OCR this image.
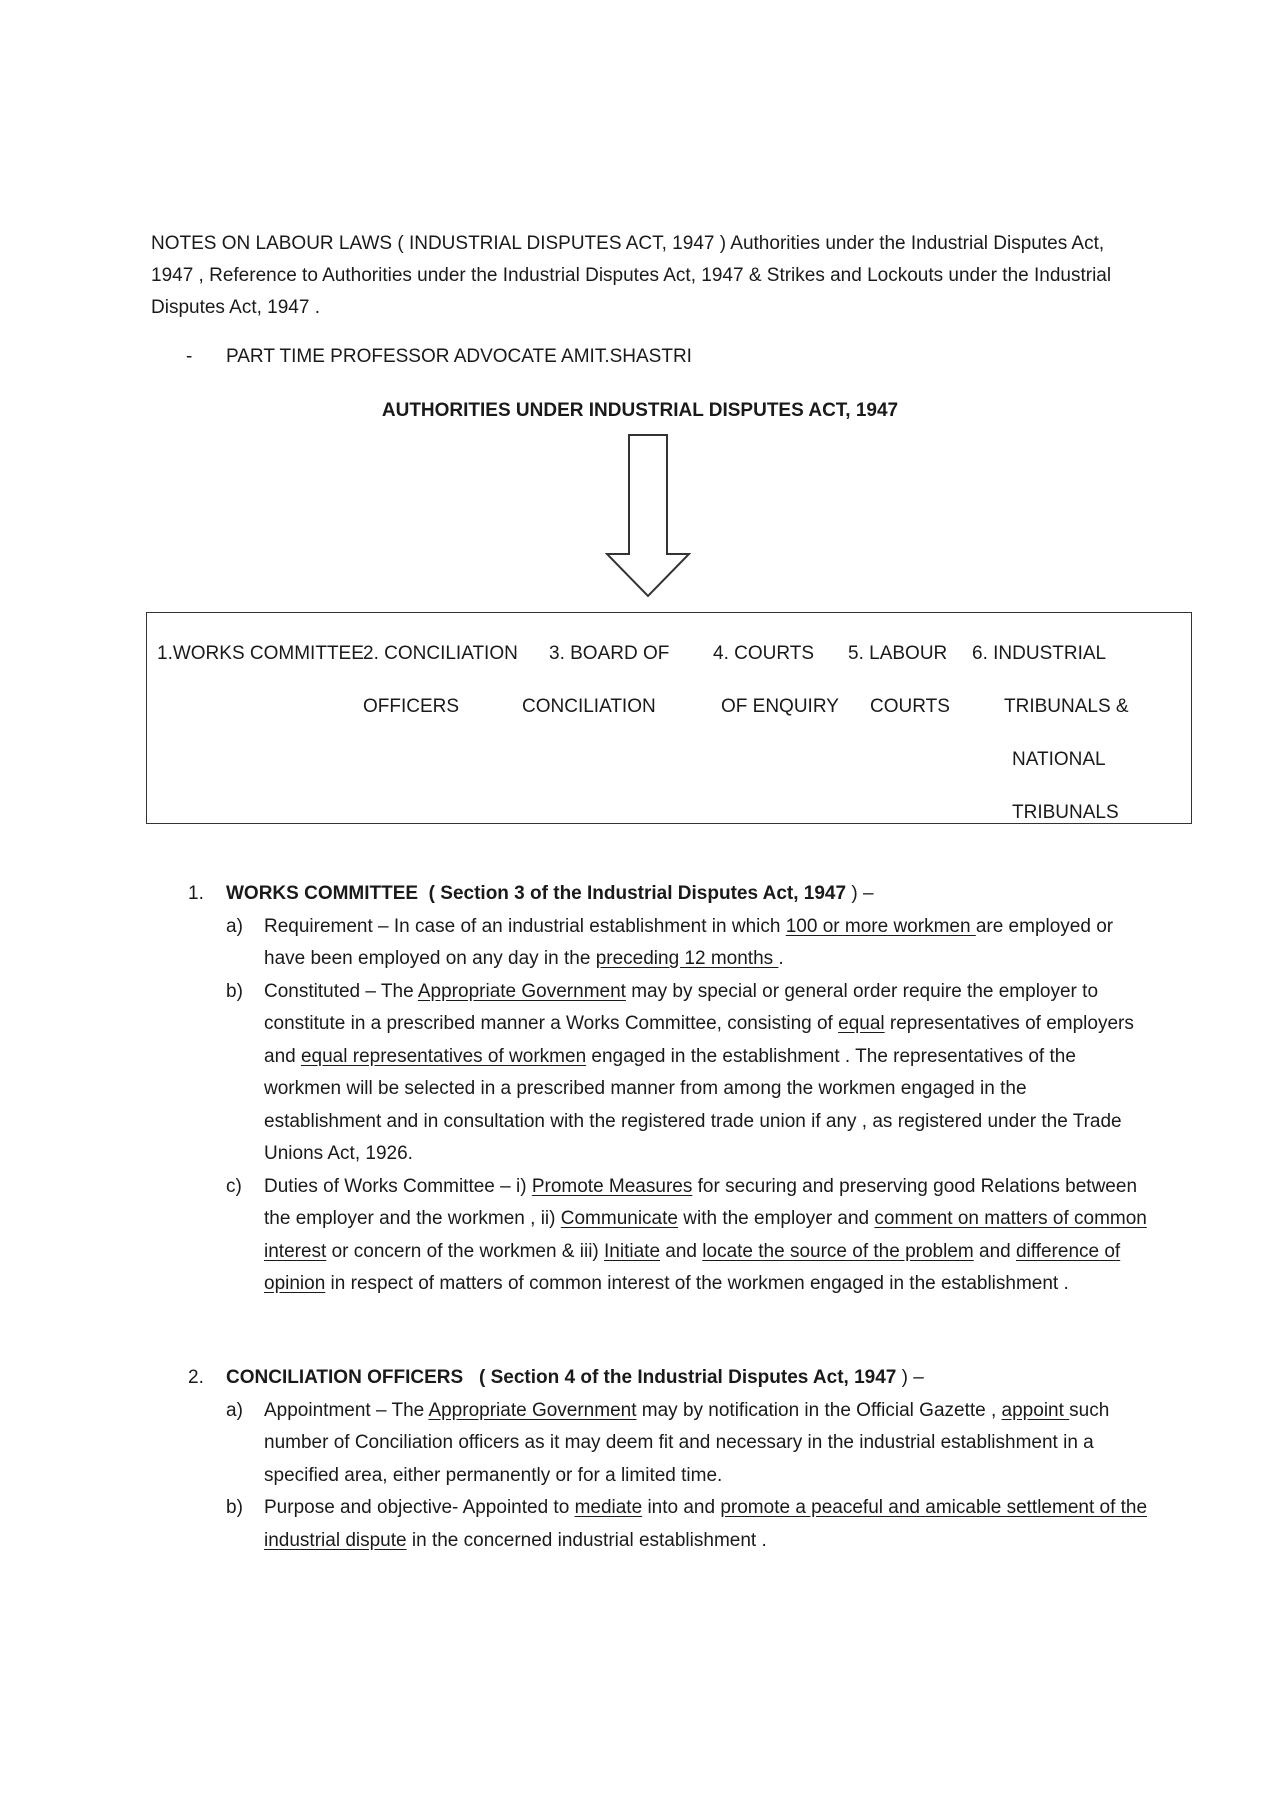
NOTES ON LABOUR LAWS ( INDUSTRIAL DISPUTES ACT, 1947 ) Authorities under the Industrial Disputes Act, 1947 , Reference to Authorities under the Industrial Disputes Act, 1947 & Strikes and Lockouts under the Industrial Disputes Act, 1947 .
- PART TIME PROFESSOR ADVOCATE AMIT.SHASTRI
AUTHORITIES UNDER INDUSTRIAL DISPUTES ACT, 1947
1.WORKS COMMITTEE 2. CONCILIATION
OFFICERS
3. BOARD OF
CONCILIATION
4. COURTS
OF ENQUIRY
5. LABOUR
COURTS
6. INDUSTRIAL
TRIBUNALS &
NATIONAL
TRIBUNALS
1. WORKS COMMITTEE ( Section 3 of the Industrial Disputes Act, 1947 ) –
a) Requirement – In case of an industrial establishment in which 100 or more workmen are employed or have been employed on any day in the preceding 12 months .
b) Constituted – The Appropriate Government may by special or general order require the employer to constitute in a prescribed manner a Works Committee, consisting of equal representatives of employers and equal representatives of workmen engaged in the establishment . The representatives of the workmen will be selected in a prescribed manner from among the workmen engaged in the establishment and in consultation with the registered trade union if any , as registered under the Trade Unions Act, 1926.
c) Duties of Works Committee – i) Promote Measures for securing and preserving good Relations between the employer and the workmen , ii) Communicate with the employer and comment on matters of common interest or concern of the workmen & iii) Initiate and locate the source of the problem and difference of opinion in respect of matters of common interest of the workmen engaged in the establishment .
2. CONCILIATION OFFICERS ( Section 4 of the Industrial Disputes Act, 1947 ) –
a) Appointment – The Appropriate Government may by notification in the Official Gazette , appoint such number of Conciliation officers as it may deem fit and necessary in the industrial establishment in a specified area, either permanently or for a limited time.
b) Purpose and objective- Appointed to mediate into and promote a peaceful and amicable settlement of the industrial dispute in the concerned industrial establishment .
